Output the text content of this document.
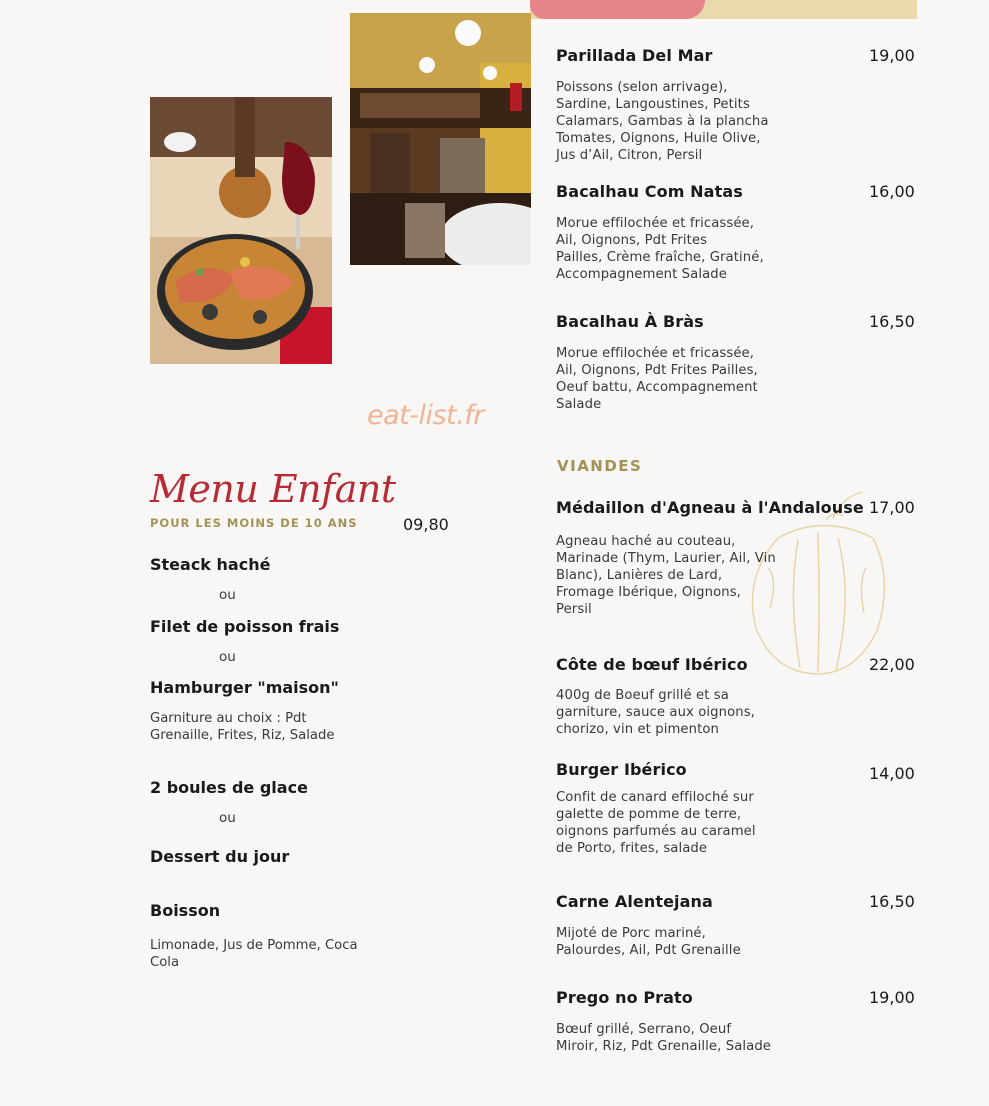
eat-list.fr
Parillada Del Mar	19,00
Poissons (selon arrivage),
Sardine, Langoustines, Petits
Calamars, Gambas à la plancha
Tomates, Oignons, Huile Olive,
Jus d’Ail, Citron, Persil
Bacalhau Com Natas	16,00
Morue effilochée et fricassée,
Ail, Oignons, Pdt Frites
Pailles, Crème fraîche, Gratiné,
Accompagnement Salade
Bacalhau À Bràs	16,50
Morue effilochée et fricassée,
Ail, Oignons, Pdt Frites Pailles,
Oeuf battu, Accompagnement
Salade
VIANDES
Médaillon d'Agneau à l'Andalouse 17,00
Agneau haché au couteau,
Marinade (Thym, Laurier, Ail, Vin
Blanc), Lanières de Lard,
Fromage Ibérique, Oignons,
Persil
Côte de bœuf Ibérico	22,00
400g de Boeuf grillé et sa
garniture, sauce aux oignons,
chorizo, vin et pimenton
Burger Ibérico	14,00
Confit de canard effiloché sur
galette de pomme de terre,
oignons parfumés au caramel
de Porto, frites, salade
Carne Alentejana	16,50
Mijoté de Porc mariné,
Palourdes, Ail, Pdt Grenaille
Prego no Prato	19,00
Bœuf grillé, Serrano, Oeuf
Miroir, Riz, Pdt Grenaille, Salade
Menu Enfant
POUR LES MOINS DE 10 ANS	09,80
Steack haché
ou
Filet de poisson frais
ou
Hamburger "maison"
Garniture au choix : Pdt
Grenaille, Frites, Riz, Salade
2 boules de glace
ou
Dessert du jour
Boisson
Limonade, Jus de Pomme, Coca
Cola
